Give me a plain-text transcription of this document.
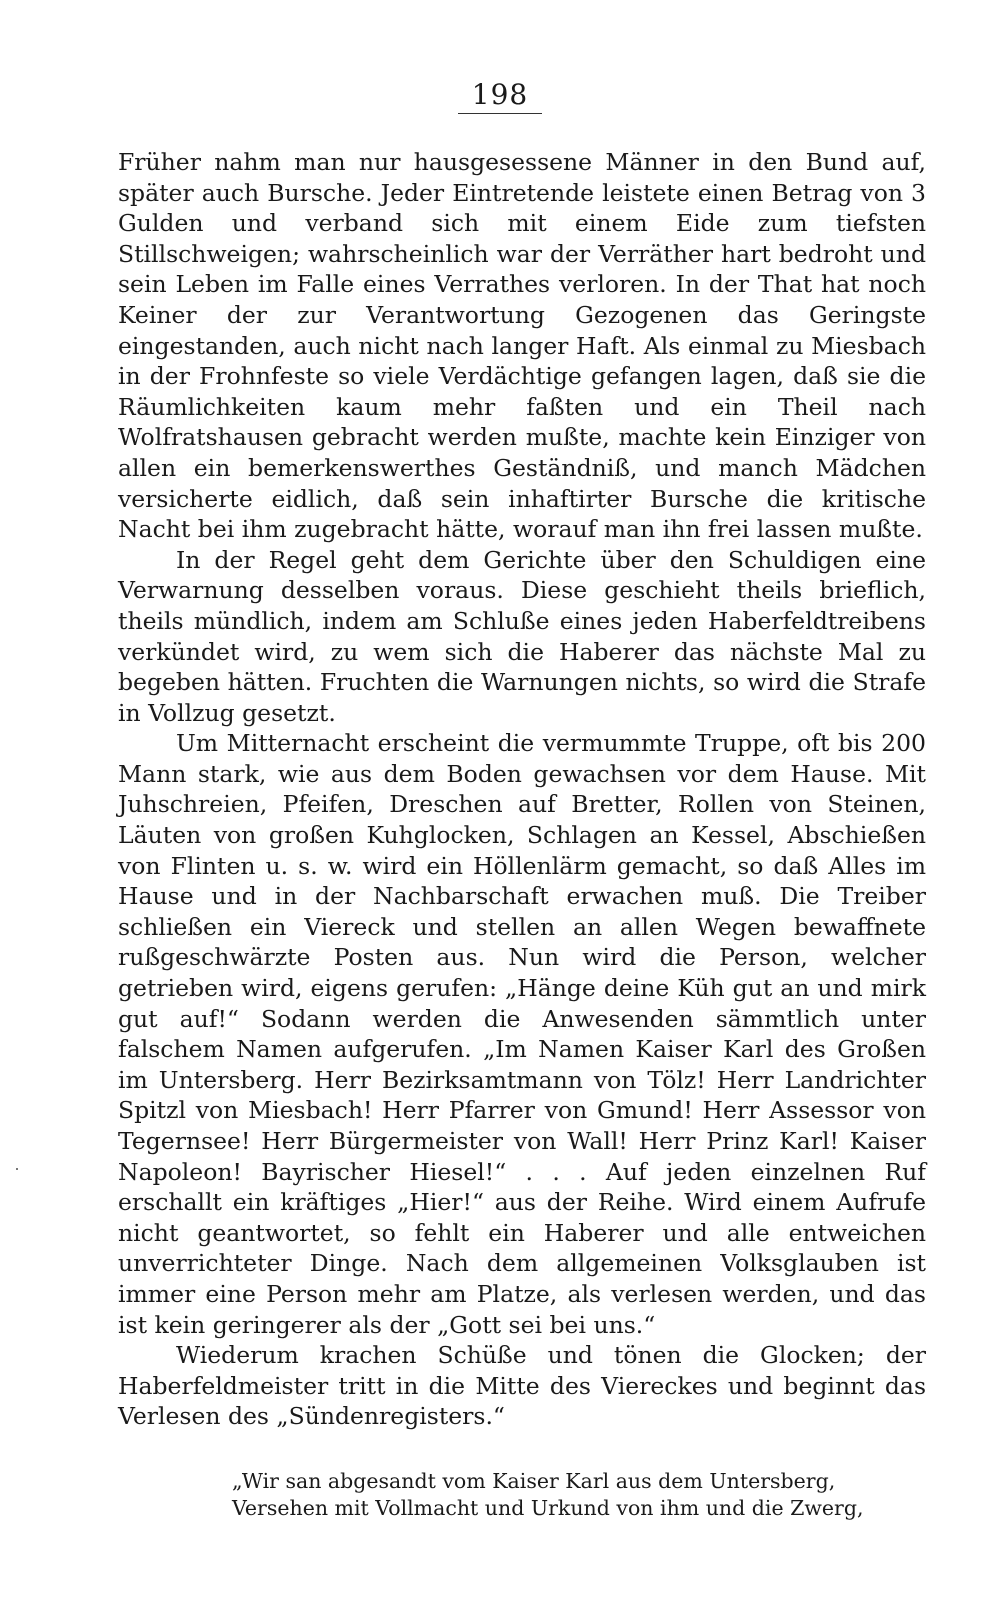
198

Früher nahm man nur hausgesessene Männer in den Bund auf, später auch Bursche. Jeder Eintretende leistete einen Betrag von 3 Gulden und verband sich mit einem Eide zum tiefsten Stillschweigen; wahrscheinlich war der Verräther hart bedroht und sein Leben im Falle eines Verrathes verloren. In der That hat noch Keiner der zur Verantwortung Gezogenen das Geringste eingestanden, auch nicht nach langer Haft. Als einmal zu Miesbach in der Frohnfeste so viele Verdächtige gefangen lagen, daß sie die Räumlichkeiten kaum mehr faßten und ein Theil nach Wolfratshausen gebracht werden mußte, machte kein Einziger von allen ein bemerkenswerthes Geständniß, und manch Mädchen versicherte eidlich, daß sein inhaftirter Bursche die kritische Nacht bei ihm zugebracht hätte, worauf man ihn frei lassen mußte.

In der Regel geht dem Gerichte über den Schuldigen eine Verwarnung desselben voraus. Diese geschieht theils brieflich, theils mündlich, indem am Schluße eines jeden Haberfeldtreibens verkündet wird, zu wem sich die Haberer das nächste Mal zu begeben hätten. Fruchten die Warnungen nichts, so wird die Strafe in Vollzug gesetzt.

Um Mitternacht erscheint die vermummte Truppe, oft bis 200 Mann stark, wie aus dem Boden gewachsen vor dem Hause. Mit Juhschreien, Pfeifen, Dreschen auf Bretter, Rollen von Steinen, Läuten von großen Kuhglocken, Schlagen an Kessel, Abschießen von Flinten u. s. w. wird ein Höllenlärm gemacht, so daß Alles im Hause und in der Nachbarschaft erwachen muß. Die Treiber schließen ein Viereck und stellen an allen Wegen bewaffnete rußgeschwärzte Posten aus. Nun wird die Person, welcher getrieben wird, eigens gerufen: „Hänge deine Küh gut an und mirk gut auf!“ Sodann werden die Anwesenden sämmtlich unter falschem Namen aufgerufen. „Im Namen Kaiser Karl des Großen im Untersberg. Herr Bezirksamtmann von Tölz! Herr Landrichter Spitzl von Miesbach! Herr Pfarrer von Gmund! Herr Assessor von Tegernsee! Herr Bürgermeister von Wall! Herr Prinz Karl! Kaiser Napoleon! Bayrischer Hiesel!“ . . . Auf jeden einzelnen Ruf erschallt ein kräftiges „Hier!“ aus der Reihe. Wird einem Aufrufe nicht geantwortet, so fehlt ein Haberer und alle entweichen unverrichteter Dinge. Nach dem allgemeinen Volksglauben ist immer eine Person mehr am Platze, als verlesen werden, und das ist kein geringerer als der „Gott sei bei uns.“

Wiederum krachen Schüße und tönen die Glocken; der Haberfeldmeister tritt in die Mitte des Viereckes und beginnt das Verlesen des „Sündenregisters.“

„Wir san abgesandt vom Kaiser Karl aus dem Untersberg,
Versehen mit Vollmacht und Urkund von ihm und die Zwerg,
